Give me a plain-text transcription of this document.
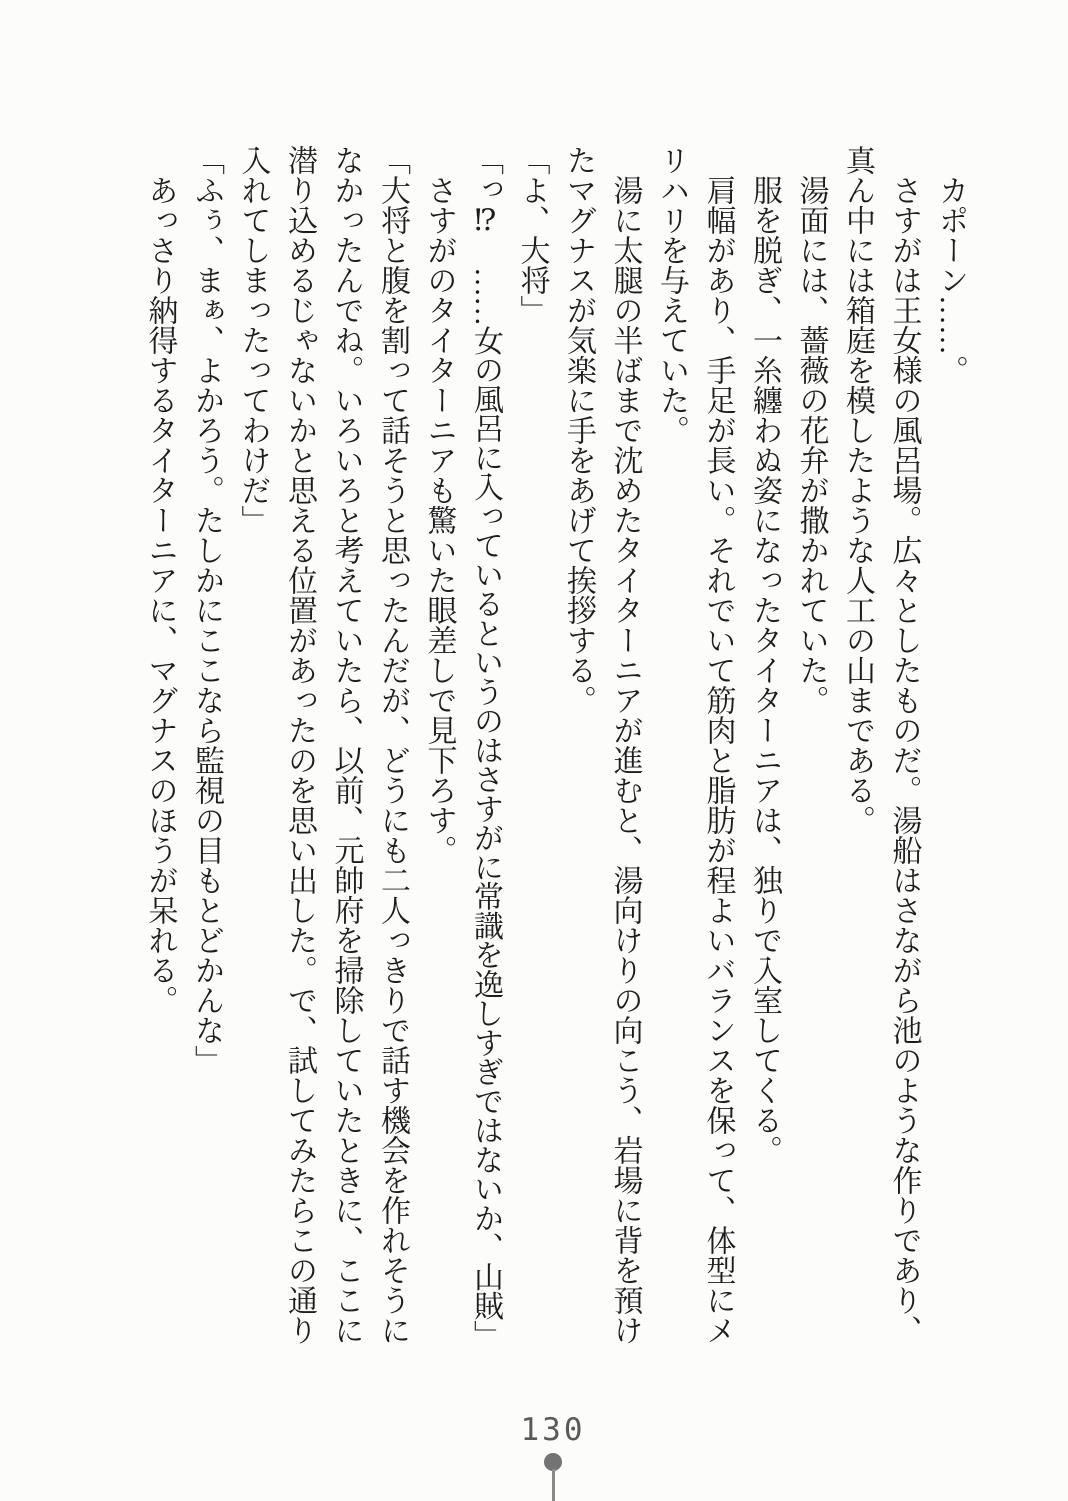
　カポーン……。
　さすがは王女様の風呂場。広々としたものだ。湯船はさながら池のような作りであり、
真ん中には箱庭を模したような人工の山まである。
　湯面には、薔薇の花弁が撒かれていた。
　服を脱ぎ、一糸纏わぬ姿になったタイターニアは、独りで入室してくる。
　肩幅があり、手足が長い。それでいて筋肉と脂肪が程よいバランスを保って、体型にメ
リハリを与えていた。
　湯に太腿の半ばまで沈めたタイターニアが進むと、湯向けりの向こう、岩場に背を預け
たマグナスが気楽に手をあげて挨拶する。
「よ、大将」
「っ⁉　……女の風呂に入っているというのはさすがに常識を逸しすぎではないか、山賊」
　さすがのタイターニアも驚いた眼差しで見下ろす。
「大将と腹を割って話そうと思ったんだが、どうにも二人っきりで話す機会を作れそうに
なかったんでね。いろいろと考えていたら、以前、元帥府を掃除していたときに、ここに
潜り込めるじゃないかと思える位置があったのを思い出した。で、試してみたらこの通り
入れてしまったってわけだ」
「ふぅ、まぁ、よかろう。たしかにここなら監視の目もとどかんな」
　あっさり納得するタイターニアに、マグナスのほうが呆れる。
130
